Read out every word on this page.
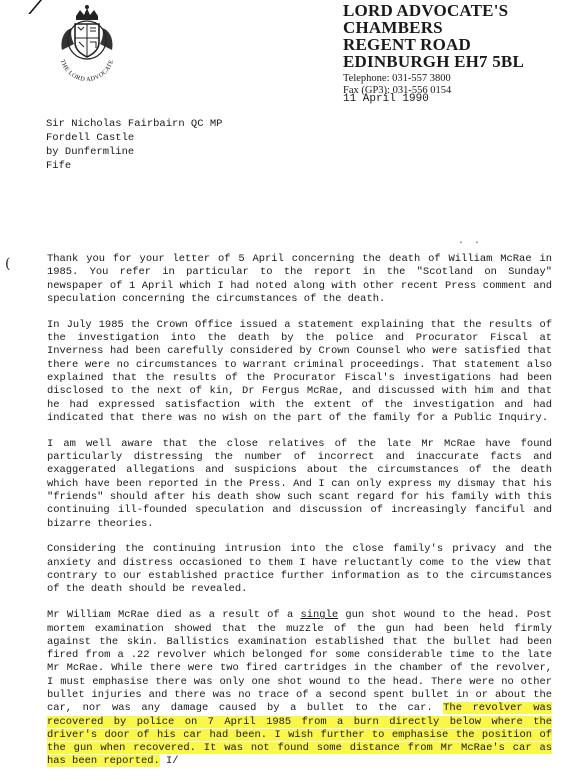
THE LORD ADVOCATE
LORD ADVOCATE'S CHAMBERS
REGENT ROAD
EDINBURGH EH7 5BL
Telephone: 031-557 3800
Fax (GP3): 031-556 0154
11 April 1990
Sir Nicholas Fairbairn QC MP
Fordell Castle
by Dunfermline
Fife
(
· ·

Thank you for your letter of 5 April concerning the death of William McRae in 1985. You refer in particular to the report in the "Scotland on Sunday" newspaper of 1 April which I had noted along with other recent Press comment and speculation concerning the circumstances of the death.

In July 1985 the Crown Office issued a statement explaining that the results of the investigation into the death by the police and Procurator Fiscal at Inverness had been carefully considered by Crown Counsel who were satisfied that there were no circumstances to warrant criminal proceedings. That statement also explained that the results of the Procurator Fiscal's investigations had been disclosed to the next of kin, Dr Fergus McRae, and discussed with him and that he had expressed satisfaction with the extent of the investigation and had indicated that there was no wish on the part of the family for a Public Inquiry.

I am well aware that the close relatives of the late Mr McRae have found particularly distressing the number of incorrect and inaccurate facts and exaggerated allegations and suspicions about the circumstances of the death which have been reported in the Press. And I can only express my dismay that his "friends" should after his death show such scant regard for his family with this continuing ill-founded speculation and discussion of increasingly fanciful and bizarre theories.

Considering the continuing intrusion into the close family's privacy and the anxiety and distress occasioned to them I have reluctantly come to the view that contrary to our established practice further information as to the circumstances of the death should be revealed.

Mr William McRae died as a result of a single gun shot wound to the head. Post mortem examination showed that the muzzle of the gun had been held firmly against the skin. Ballistics examination established that the bullet had been fired from a .22 revolver which belonged for some considerable time to the late Mr McRae. While there were two fired cartridges in the chamber of the revolver, I must emphasise there was only one shot wound to the head. There were no other bullet injuries and there was no trace of a second spent bullet in or about the car, nor was any damage caused by a bullet to the car. The revolver was recovered by police on 7 April 1985 from a burn directly below where the driver's door of his car had been. I wish further to emphasise the position of the gun when recovered. It was not found some distance from Mr McRae's car as has been reported. I/
